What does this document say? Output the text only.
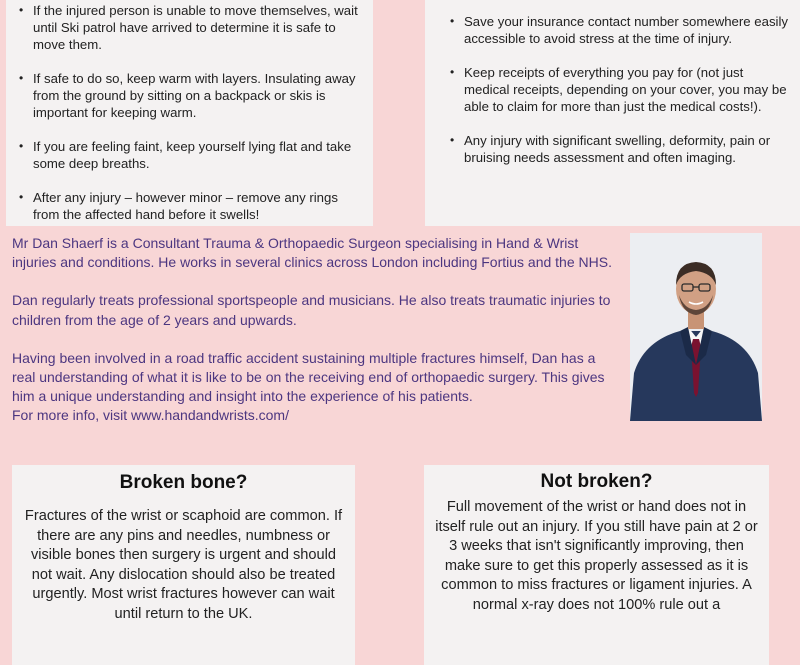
• If the injured person is unable to move themselves, wait until Ski patrol have arrived to determine it is safe to move them.
• If safe to do so, keep warm with layers. Insulating away from the ground by sitting on a backpack or skis is important for keeping warm.
• If you are feeling faint, keep yourself lying flat and take some deep breaths.
• After any injury – however minor – remove any rings from the affected hand before it swells!
• Save your insurance contact number somewhere easily accessible to avoid stress at the time of injury.
• Keep receipts of everything you pay for (not just medical receipts, depending on your cover, you may be able to claim for more than just the medical costs!).
• Any injury with significant swelling, deformity, pain or bruising needs assessment and often imaging.

Mr Dan Shaerf is a Consultant Trauma & Orthopaedic Surgeon specialising in Hand & Wrist injuries and conditions. He works in several clinics across London including Fortius and the NHS.

Dan regularly treats professional sportspeople and musicians. He also treats traumatic injuries to children from the age of 2 years and upwards.

Having been involved in a road traffic accident sustaining multiple fractures himself, Dan has a real understanding of what it is like to be on the receiving end of orthopaedic surgery. This gives him a unique understanding and insight into the experience of his patients.

For more info, visit www.handandwrists.com/

Broken bone?
Fractures of the wrist or scaphoid are common. If there are any pins and needles, numbness or visible bones then surgery is urgent and should not wait. Any dislocation should also be treated urgently. Most wrist fractures however can wait until return to the UK.
Not broken?
Full movement of the wrist or hand does not in itself rule out an injury. If you still have pain at 2 or 3 weeks that isn't significantly improving, then make sure to get this properly assessed as it is common to miss fractures or ligament injuries. A normal x-ray does not 100% rule out a
